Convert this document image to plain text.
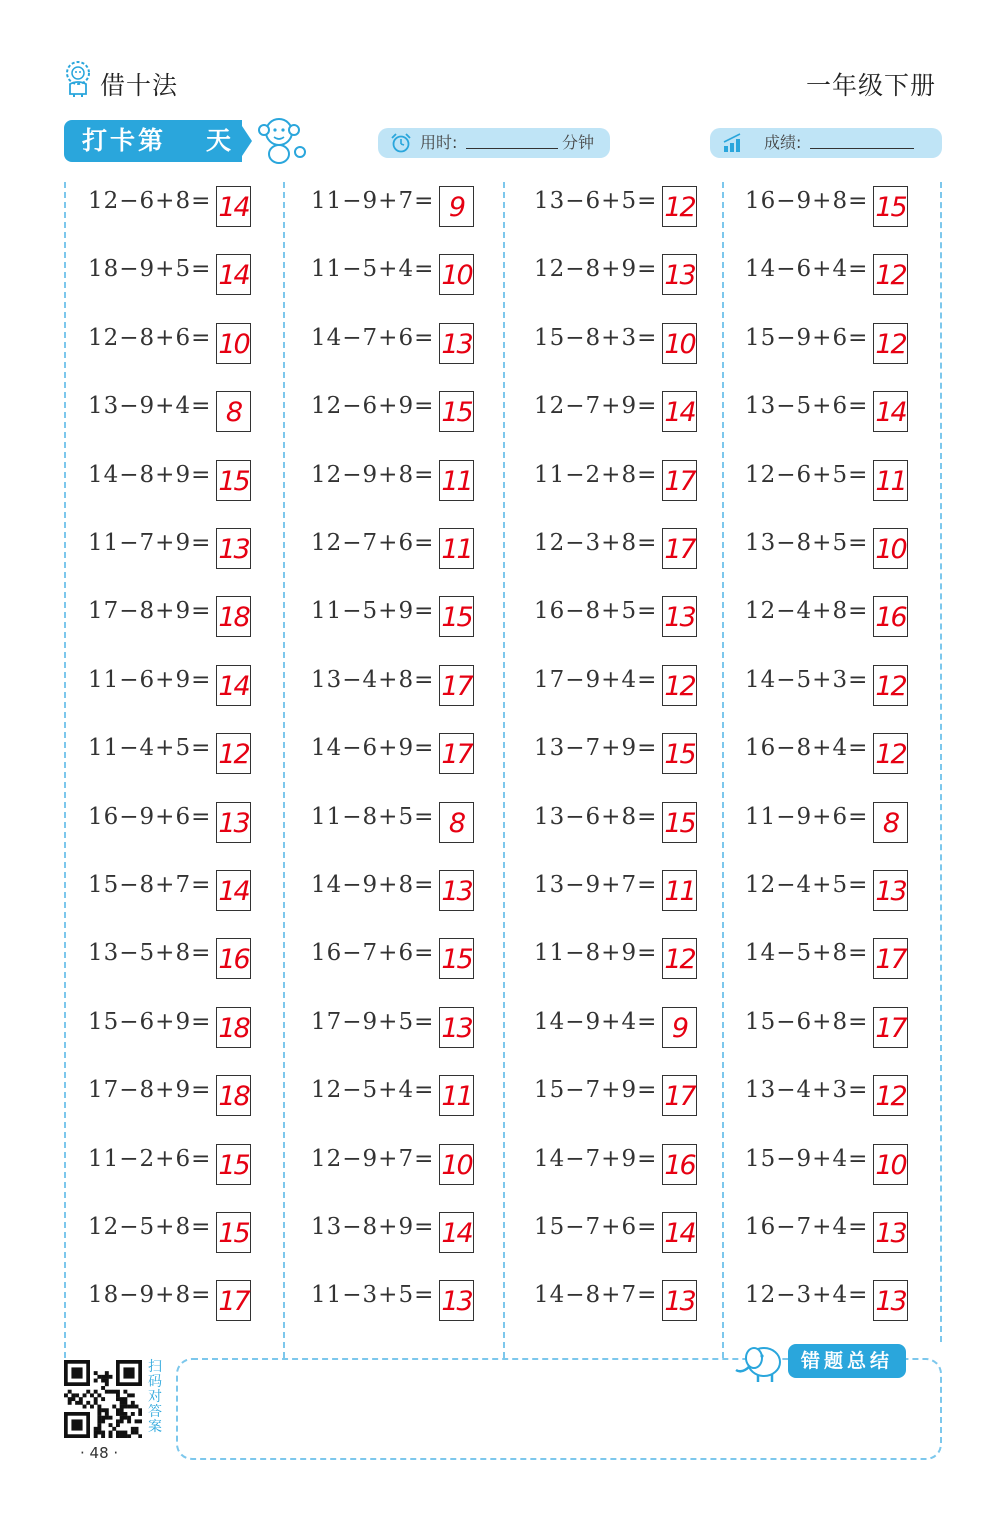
借十法	一年级下册
打卡第 天	用时:	分钟	成绩:
12−6+8= 14
18−9+5= 14
12−8+6= 10
13−9+4= 8
14−8+9= 15
11−7+9= 13
17−8+9= 18
11−6+9= 14
11−4+5= 12
16−9+6= 13
15−8+7= 14
13−5+8= 16
15−6+9= 18
17−8+9= 18
11−2+6= 15
12−5+8= 15
18−9+8= 17
11−9+7= 9
11−5+4= 10
14−7+6= 13
12−6+9= 15
12−9+8= 11
12−7+6= 11
11−5+9= 15
13−4+8= 17
14−6+9= 17
11−8+5= 8
14−9+8= 13
16−7+6= 15
17−9+5= 13
12−5+4= 11
12−9+7= 10
13−8+9= 14
11−3+5= 13
13−6+5= 12
12−8+9= 13
15−8+3= 10
12−7+9= 14
11−2+8= 17
12−3+8= 17
16−8+5= 13
17−9+4= 12
13−7+9= 15
13−6+8= 15
13−9+7= 11
11−8+9= 12
14−9+4= 9
15−7+9= 17
14−7+9= 16
15−7+6= 14
14−8+7= 13
16−9+8= 15
14−6+4= 12
15−9+6= 12
13−5+6= 14
12−6+5= 11
13−8+5= 10
12−4+8= 16
14−5+3= 12
16−8+4= 12
11−9+6= 8
12−4+5= 13
14−5+8= 17
15−6+8= 17
13−4+3= 12
15−9+4= 10
16−7+4= 13
12−3+4= 13
错题总结
扫码对答案
· 48 ·
